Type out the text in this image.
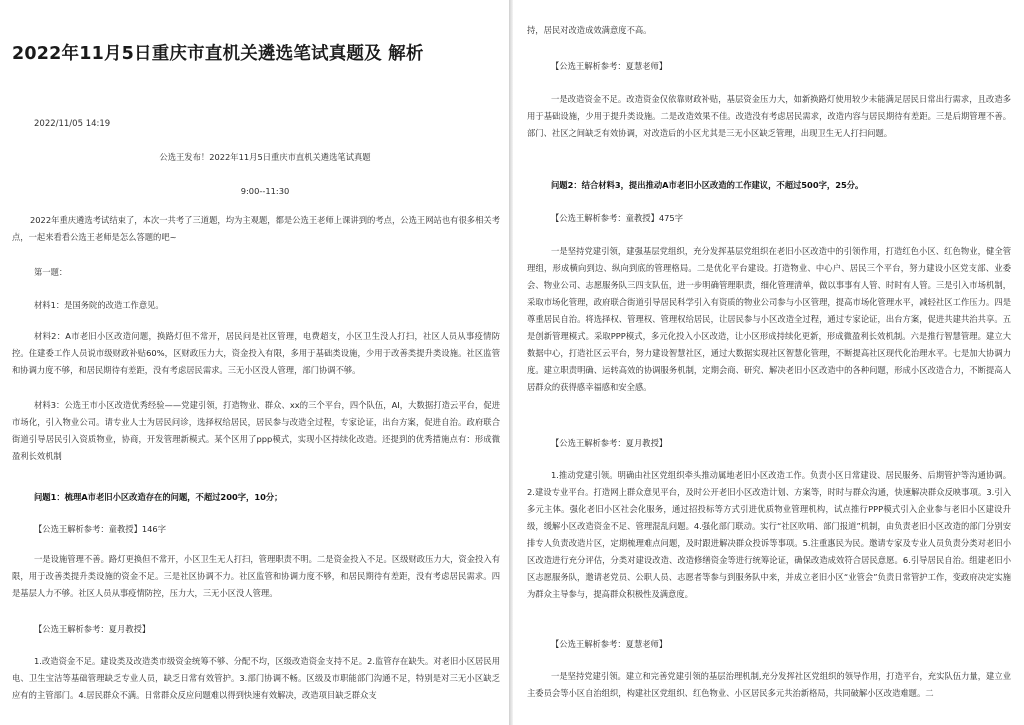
2022年11月5日重庆市直机关遴选笔试真题及 解析
2022/11/05 14:19
公选王发布！2022年11月5日重庆市直机关遴选笔试真题
9:00--11:30
2022年重庆遴选考试结束了，本次一共考了三道题，均为主观题，都是公选王老师上课讲到的考点，公选王网站也有很多相关考点，一起来看看公选王老师是怎么答题的吧~
第一题：
材料1：是国务院的改造工作意见。
材料2：A市老旧小区改造问题，换路灯但不常开，居民问是社区管理，电费超支，小区卫生没人打扫，社区人员从事疫情防控。住建委工作人员说市级财政补贴60%，区财政压力大，资金投入有限，多用于基础类设施，少用于改善类提升类设施。社区监管和协调力度不够，和居民期待有差距，没有考虑居民需求。三无小区没人管理，部门协调不够。
材料3：公选王市小区改造优秀经验——党建引领，打造物业、群众、xx的三个平台，四个队伍，AI，大数据打造云平台，促进市场化，引入物业公司。请专业人士为居民问诊，选择权给居民，居民参与改造全过程，专家论证，出台方案，促进自治。政府联合街道引导居民引入资质物业，协商，开发管理新模式。某个区用了ppp模式，实现小区持续化改造。还提到的优秀措施点有：形成微盈利长效机制
问题1：梳理A市老旧小区改造存在的问题，不超过200字，10分；
【公选王解析参考：童教授】146字
一是设施管理不善。路灯更换但不常开，小区卫生无人打扫，管理职责不明。二是资金投入不足。区级财政压力大，资金投入有限，用于改善类提升类设施的资金不足。三是社区协调不力。社区监管和协调力度不够，和居民期待有差距，没有考虑居民需求。四是基层人力不够。社区人员从事疫情防控，压力大，三无小区没人管理。
【公选王解析参考：夏月教授】
1.改造资金不足。建设类及改造类市级资金统筹不够、分配不均，区级改造资金支持不足。2.监管存在缺失。对老旧小区居民用电、卫生宝洁等基础管理缺乏专业人员，缺乏日常有效管护。3.部门协调不畅。区级及市职能部门沟通不足，特别是对三无小区缺乏应有的主管部门。4.居民群众不满。日常群众反应问题难以得到快速有效解决，改造项目缺乏群众支
持，居民对改造成效满意度不高。
【公选王解析参考：夏慧老师】
一是改造资金不足。改造资金仅依靠财政补贴，基层资金压力大，如新换路灯使用较少未能满足居民日常出行需求，且改造多用于基础设施，少用于提升类设施。二是改造效果不佳。改造没有考虑居民需求，改造内容与居民期待有差距。三是后期管理不善。部门、社区之间缺乏有效协调，对改造后的小区尤其是三无小区缺乏管理，出现卫生无人打扫问题。
问题2：结合材料3，提出推动A市老旧小区改造的工作建议，不超过500字，25分。
【公选王解析参考：童教授】475字
一是坚持党建引领，建强基层党组织，充分发挥基层党组织在老旧小区改造中的引领作用，打造红色小区、红色物业，健全管理组，形成横向到边、纵向到底的管理格局。二是优化平台建设。打造物业、中心户、居民三个平台，努力建设小区党支部、业委会、物业公司、志愿服务队三四支队伍，进一步明确管理职责，细化管理清单，做以事事有人管、时时有人管。三是引入市场机制，采取市场化管理，政府联合街道引导居民科学引入有资质的物业公司参与小区管理，提高市场化管理水平，减轻社区工作压力。四是尊重居民自治。将选择权、管理权、管理权给居民，让居民参与小区改造全过程，通过专家论证，出台方案，促进共建共治共享。五是创新管理模式。采取PPP模式，多元化投入小区改造，让小区形成持续化更新，形成微盈利长效机制。六是推行智慧管理。建立大数据中心，打造社区云平台，努力建设智慧社区，通过大数据实现社区智慧化管理，不断提高社区现代化治理水平。七是加大协调力度。建立职责明确、运转高效的协调服务机制，定期会商、研究、解决老旧小区改造中的各种问题，形成小区改造合力，不断提高人居群众的获得感幸福感和安全感。
【公选王解析参考：夏月教授】
1.推动党建引领。明确由社区党组织牵头推动属地老旧小区改造工作。负责小区日常建设、居民服务、后期管护等沟通协调。2.建设专业平台。打造网上群众意见平台，及时公开老旧小区改造计划、方案等，时时与群众沟通，快速解决群众反映事项。3.引入多元主体。强化老旧小区社会化服务，通过招投标等方式引进优质物业管理机构，试点推行PPP模式引入企业参与老旧小区建设升级，缓解小区改造资金不足、管理混乱问题。4.强化部门联动。实行“社区吹哨、部门报道”机制，由负责老旧小区改造的部门分别安排专人负责改造片区，定期梳理难点问题，及时跟进解决群众投诉等事项。5.注重惠民为民。邀请专家及专业人员负责分类对老旧小区改造进行充分评估，分类对建设改造、改造修缮资金等进行统筹论证，确保改造成效符合居民意愿。6.引导居民自治。组建老旧小区志愿服务队，邀请老党员、公职人员、志愿者等参与到服务队中来，并成立老旧小区“业管会”负责日常管护工作，变政府决定实施为群众主导参与，提高群众积极性及满意度。
【公选王解析参考：夏慧老师】
一是坚持党建引领。建立和完善党建引领的基层治理机制,充分发挥社区党组织的领导作用，打造平台，充实队伍力量，建立业主委员会等小区自治组织，构建社区党组织、红色物业、小区居民多元共治新格局，共同破解小区改造难题。二
